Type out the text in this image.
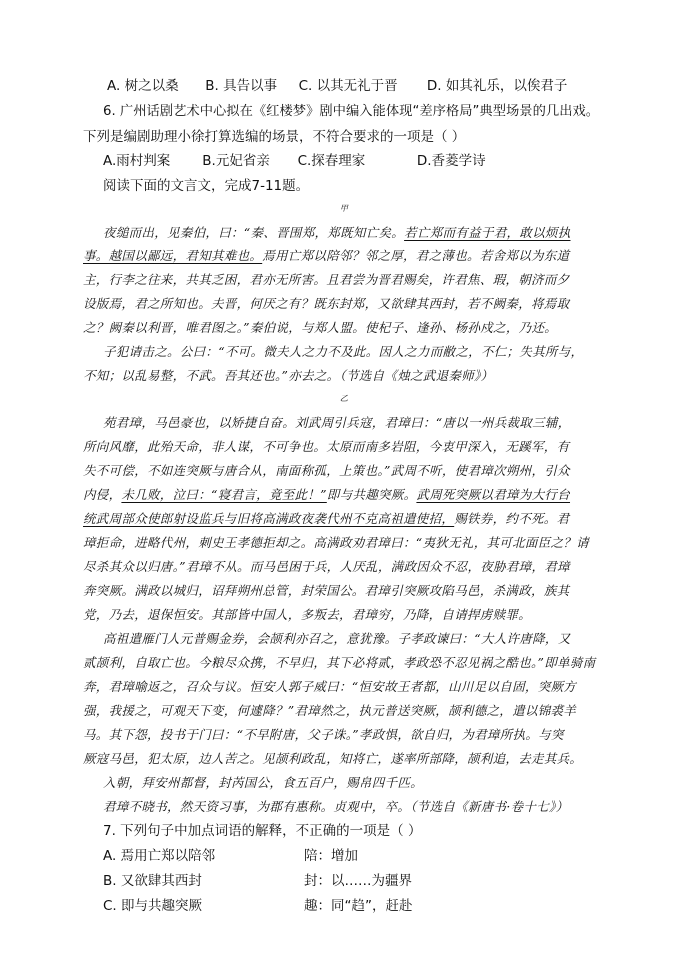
A. 树之以桑 B. 具告以事 C. 以其无礼于晋 D. 如其礼乐，以俟君子
6. 广州话剧艺术中心拟在《红楼梦》剧中编入能体现“差序格局”典型场景的几出戏。
下列是编剧助理小徐打算选编的场景，不符合要求的一项是（ ）
A.雨村判案 B.元妃省亲 C.探春理家	D.香菱学诗
阅读下面的文言文，完成7-11题。
甲
夜缒而出，见秦伯，曰：“秦、晋围郑，郑既知亡矣。若亡郑而有益于君，敢以烦执
事。越国以鄙远，君知其难也。焉用亡郑以陪邻？邻之厚，君之薄也。若舍郑以为东道
主，行李之往来，共其乏困，君亦无所害。且君尝为晋君赐矣，许君焦、瑕，朝济而夕
设版焉，君之所知也。夫晋，何厌之有？既东封郑，又欲肆其西封，若不阙秦，将焉取
之？阙秦以利晋，唯君图之。”秦伯说，与郑人盟。使杞子、逢孙、杨孙戍之，乃还。
子犯请击之。公曰：“不可。微夫人之力不及此。因人之力而敝之，不仁；失其所与，
不知；以乱易整，不武。吾其还也。”亦去之。（节选自《烛之武退秦师》）
乙
苑君璋，马邑豪也，以矫捷自奋。刘武周引兵寇，君璋曰：“唐以一州兵裁取三辅，
所向风靡，此殆天命，非人谋，不可争也。太原而南多岩阻，今衷甲深入，无蹊军，有
失不可偿，不如连突厥与唐合从，南面称孤，上策也。”武周不听，使君璋次朔州，引众
内侵，未几败，泣曰：“寝君言，竟至此！”即与共趣突厥。武周死突厥以君璋为大行台
统武周部众使郎射设监兵与旧将高满政夜袭代州不克高祖遣使招，赐铁券，约不死。君
璋拒命，进略代州，刺史王孝德拒却之。高满政劝君璋曰：“夷狄无礼，其可北面臣之？请
尽杀其众以归唐。”君璋不从。而马邑困于兵，人厌乱，满政因众不忍，夜胁君璋，君璋
奔突厥。满政以城归，诏拜朔州总管，封荣国公。君璋引突厥攻陷马邑，杀满政，族其
党，乃去，退保恒安。其部皆中国人，多叛去，君璋穷，乃降，自请捍虏赎罪。
高祖遣雁门人元普赐金券，会颉利亦召之，意犹豫。子孝政谏曰：“大人许唐降，又
贰颉利，自取亡也。今粮尽众携，不早归，其下必将贰，孝政恐不忍见祸之酷也。”即单骑南
奔，君璋喻返之，召众与议。恒安人郭子威曰：“恒安故王者都，山川足以自固，突厥方
强，我援之，可观天下变，何遽降？”君璋然之，执元普送突厥，颉利德之，遣以锦裘羊
马。其下怨，投书于门曰：“不早附唐，父子诛。”孝政惧，欲自归，为君璋所执。与突
厥寇马邑，犯太原，边人苦之。见颉利政乱，知将亡，遂率所部降，颉利追，去走其兵。
入朝，拜安州都督，封芮国公，食五百户，赐帛四千匹。
君璋不晓书，然天资习事，为郡有惠称。贞观中，卒。（节选自《新唐书·卷十七》）
7. 下列句子中加点词语的解释，不正确的一项是（ ）
A. 焉用亡郑以陪邻	陪：增加
B. 又欲肆其西封	封：以……为疆界
C. 即与共趣突厥	趣：同“趋”，赶赴
